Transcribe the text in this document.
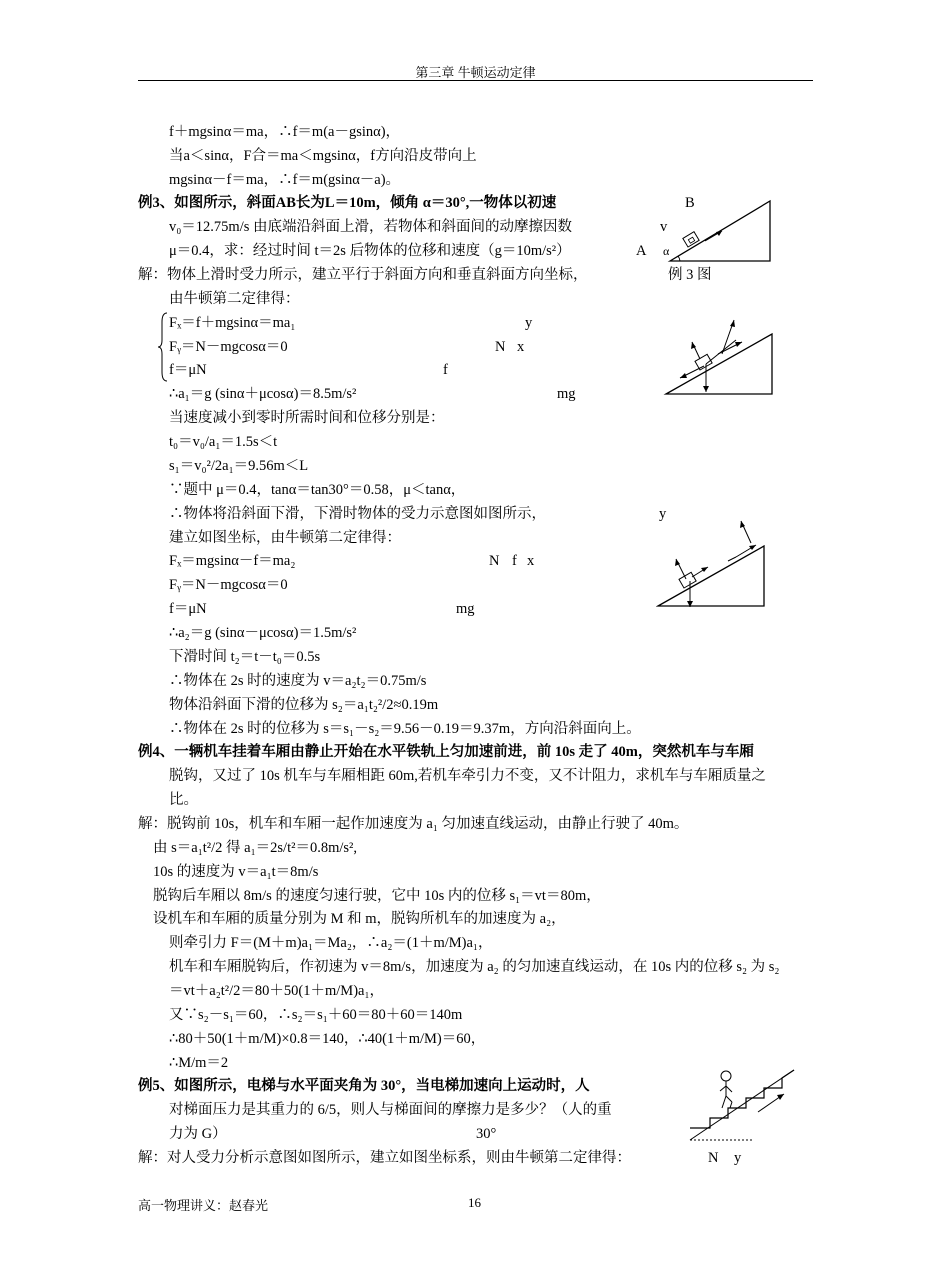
第三章 牛顿运动定律
f＋mgsinα＝ma，∴f＝m(a－gsinα)，
当a＜sinα，F合＝ma＜mgsinα，f方向沿皮带向上
mgsinα－f＝ma，∴f＝m(gsinα－a)。
例3、如图所示，斜面AB长为L＝10m，倾角 α＝30°,一物体以初速
v₀＝12.75m/s 由底端沿斜面上滑，若物体和斜面间的动摩擦因数
μ＝0.4，求：经过时间 t＝2s 后物体的位移和速度（g＝10m/s²）
解：物体上滑时受力所示，建立平行于斜面方向和垂直斜面方向坐标，
由牛顿第二定律得：
Fₓ＝f＋mgsinα＝ma₁
Fᵧ＝N－mgcosα＝0
f＝μN
∴a₁＝g (sinα＋μcosα)＝8.5m/s²
当速度减小到零时所需时间和位移分别是：
t₀＝v₀/a₁＝1.5s＜t
s₁＝v₀²/2a₁＝9.56m＜L
∵题中 μ＝0.4，tanα＝tan30°＝0.58，μ＜tanα，
∴物体将沿斜面下滑，下滑时物体的受力示意图如图所示，
建立如图坐标，由牛顿第二定律得：
Fₓ＝mgsinα－f＝ma₂
Fᵧ＝N－mgcosα＝0
f＝μN
∴a₂＝g (sinα－μcosα)＝1.5m/s²
下滑时间 t₂＝t－t₀＝0.5s
∴物体在 2s 时的速度为 v＝a₂t₂＝0.75m/s
物体沿斜面下滑的位移为 s₂＝a₁t₂²/2≈0.19m
∴物体在 2s 时的位移为 s＝s₁－s₂＝9.56－0.19＝9.37m，方向沿斜面向上。
例4、一辆机车挂着车厢由静止开始在水平铁轨上匀加速前进，前 10s 走了 40m，突然机车与车厢
脱钩，又过了 10s 机车与车厢相距 60m,若机车牵引力不变，又不计阻力，求机车与车厢质量之
比。
解：脱钩前 10s，机车和车厢一起作加速度为 a₁ 匀加速直线运动，由静止行驶了 40m。
由 s＝a₁t²/2 得 a₁＝2s/t²＝0.8m/s²,
10s 的速度为 v＝a₁t＝8m/s
脱钩后车厢以 8m/s 的速度匀速行驶，它中 10s 内的位移 s₁＝vt＝80m，
设机车和车厢的质量分别为 M 和 m，脱钩所机车的加速度为 a₂，
则牵引力 F＝(M＋m)a₁＝Ma₂，∴a₂＝(1＋m/M)a₁，
机车和车厢脱钩后，作初速为 v＝8m/s，加速度为 a₂ 的匀加速直线运动，在 10s 内的位移 s₂ 为 s₂
＝vt＋a₂t²/2＝80＋50(1＋m/M)a₁，
又∵s₂－s₁＝60，∴s₂＝s₁＋60＝80＋60＝140m
∴80＋50(1＋m/M)×0.8＝140，∴40(1＋m/M)＝60，
∴M/m＝2
例5、如图所示，电梯与水平面夹角为 30°，当电梯加速向上运动时，人
对梯面压力是其重力的 6/5，则人与梯面间的摩擦力是多少？（人的重
力为 G）
解：对人受力分析示意图如图所示，建立如图坐标系，则由牛顿第二定律得：
B
v
A α
例 3 图
y
N x
f
mg
y
N f x
mg
30°
N y
高一物理讲义：赵春光	16
